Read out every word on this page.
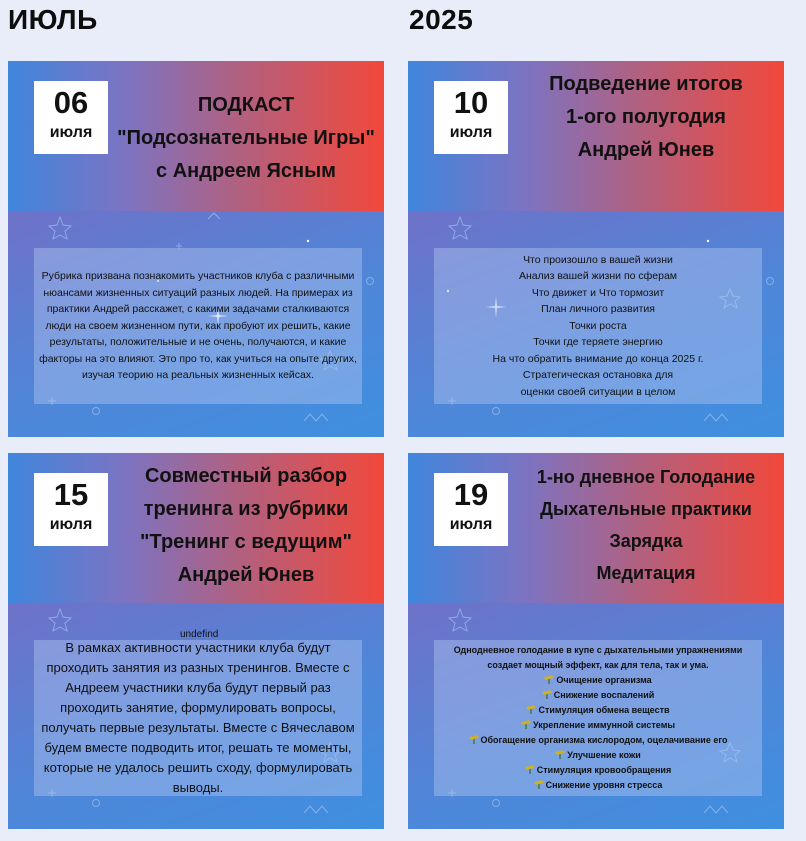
ИЮЛЬ	2025
06
июля
ПОДКАСТ
"Подсознательные Игры"
с Андреем Ясным

Рубрика призвана познакомить участников клуба с различными нюансами жизненных ситуаций разных людей. На примерах из практики Андрей расскажет, с какими задачами сталкиваются люди на своем жизненном пути, как пробуют их решить, какие результаты, положительные и не очень, получаются, и какие факторы на это влияют. Это про то, как учиться на опыте других, изучая теорию на реальных жизненных кейсах.

10
июля
Подведение итогов
1-ого полугодия
Андрей Юнев

Что произошло в вашей жизни

Анализ вашей жизни по сферам

Что движет и Что тормозит

План личного развития

Точки роста

Точки где теряете энергию

На что обратить внимание до конца 2025 г.

Стратегическая остановка для

оценки своей ситуации в целом

15
июля
Совместный разбор
тренинга из рубрики
"Тренинг с ведущим"
Андрей Юнев
undefind

В рамках активности участники клуба будут проходить занятия из разных тренингов. Вместе с Андреем участники клуба будут первый раз проходить занятие, формулировать вопросы, получать первые результаты. Вместе с Вячеславом будем вместе подводить итог, решать те моменты, которые не удалось решить сходу, формулировать выводы.

19
июля
1-но дневное Голодание
Дыхательные практики
Зарядка
Медитация

Однодневное голодание в купе с дыхательными упражнениями создает мощный эффект, как для тела, так и ума.

Очищение организма
Снижение воспалений
Стимуляция обмена веществ
Укрепление иммунной системы
Обогащение организма кислородом, оцелачивание его
Улучшение кожи
Стимуляция кровообращения
Снижение уровня стресса
